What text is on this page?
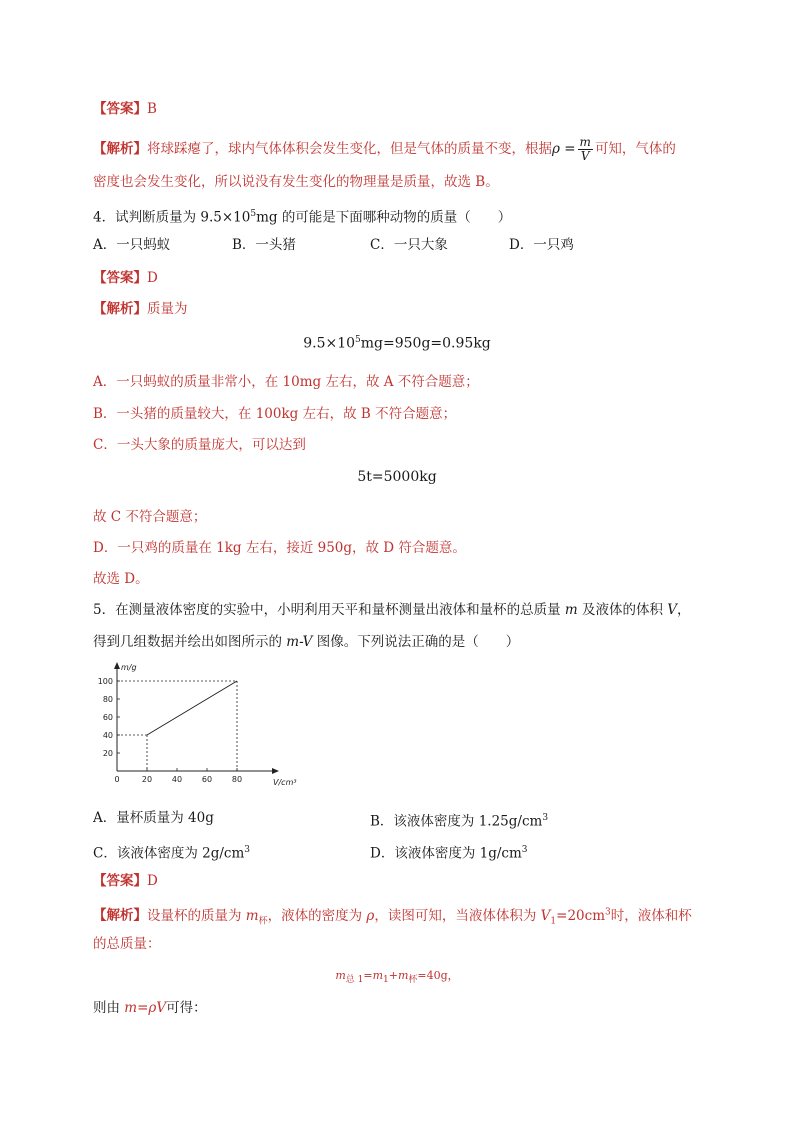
【答案】B
【解析】将球踩瘪了，球内气体体积会发生变化，但是气体的质量不变，根据$\rho = \frac{m}{V}$ 可知，气体的
密度也会发生变化，所以说没有发生变化的物理量是质量，故选 B。
4．试判断质量为 $9.5\times 10^5mg$ 的可能是下面哪种动物的质量（　　）
A．一只蚂蚁	B．一头猪	C．一只大象	D．一只鸡
【答案】D
【解析】质量为
$9.5\times 10^5mg=950g=0.95kg$
A．一只蚂蚁的质量非常小，在 10mg 左右，故 A 不符合题意；
B．一头猪的质量较大，在 100kg 左右，故 B 不符合题意；
C．一头大象的质量庞大，可以达到
5t=5000kg
故 C 不符合题意；
D．一只鸡的质量在 1kg 左右，接近 950g，故 D 符合题意。
故选 D。
5．在测量液体密度的实验中，小明利用天平和量杯测量出液体和量杯的总质量 m 及液体的体积 V，
得到几组数据并绘出如图所示的 m-V 图像。下列说法正确的是（　　）
0	20 40 60 80
20
40
60
80
100
m/g
V/cm³
A．量杯质量为 40g	B．该液体密度为 $1.25g/cm^3$
C．该液体密度为 $2g/cm^3$	D．该液体密度为 $1g/cm^3$
【答案】D
【解析】设量杯的质量为 $m_杯$，液体的密度为 ρ，读图可知，当液体体积为 $V_1=20cm^3$时，液体和杯
的总质量：
$m_{总 1}=m_1+m_杯=40g$，
则由 m=ρV可得：
